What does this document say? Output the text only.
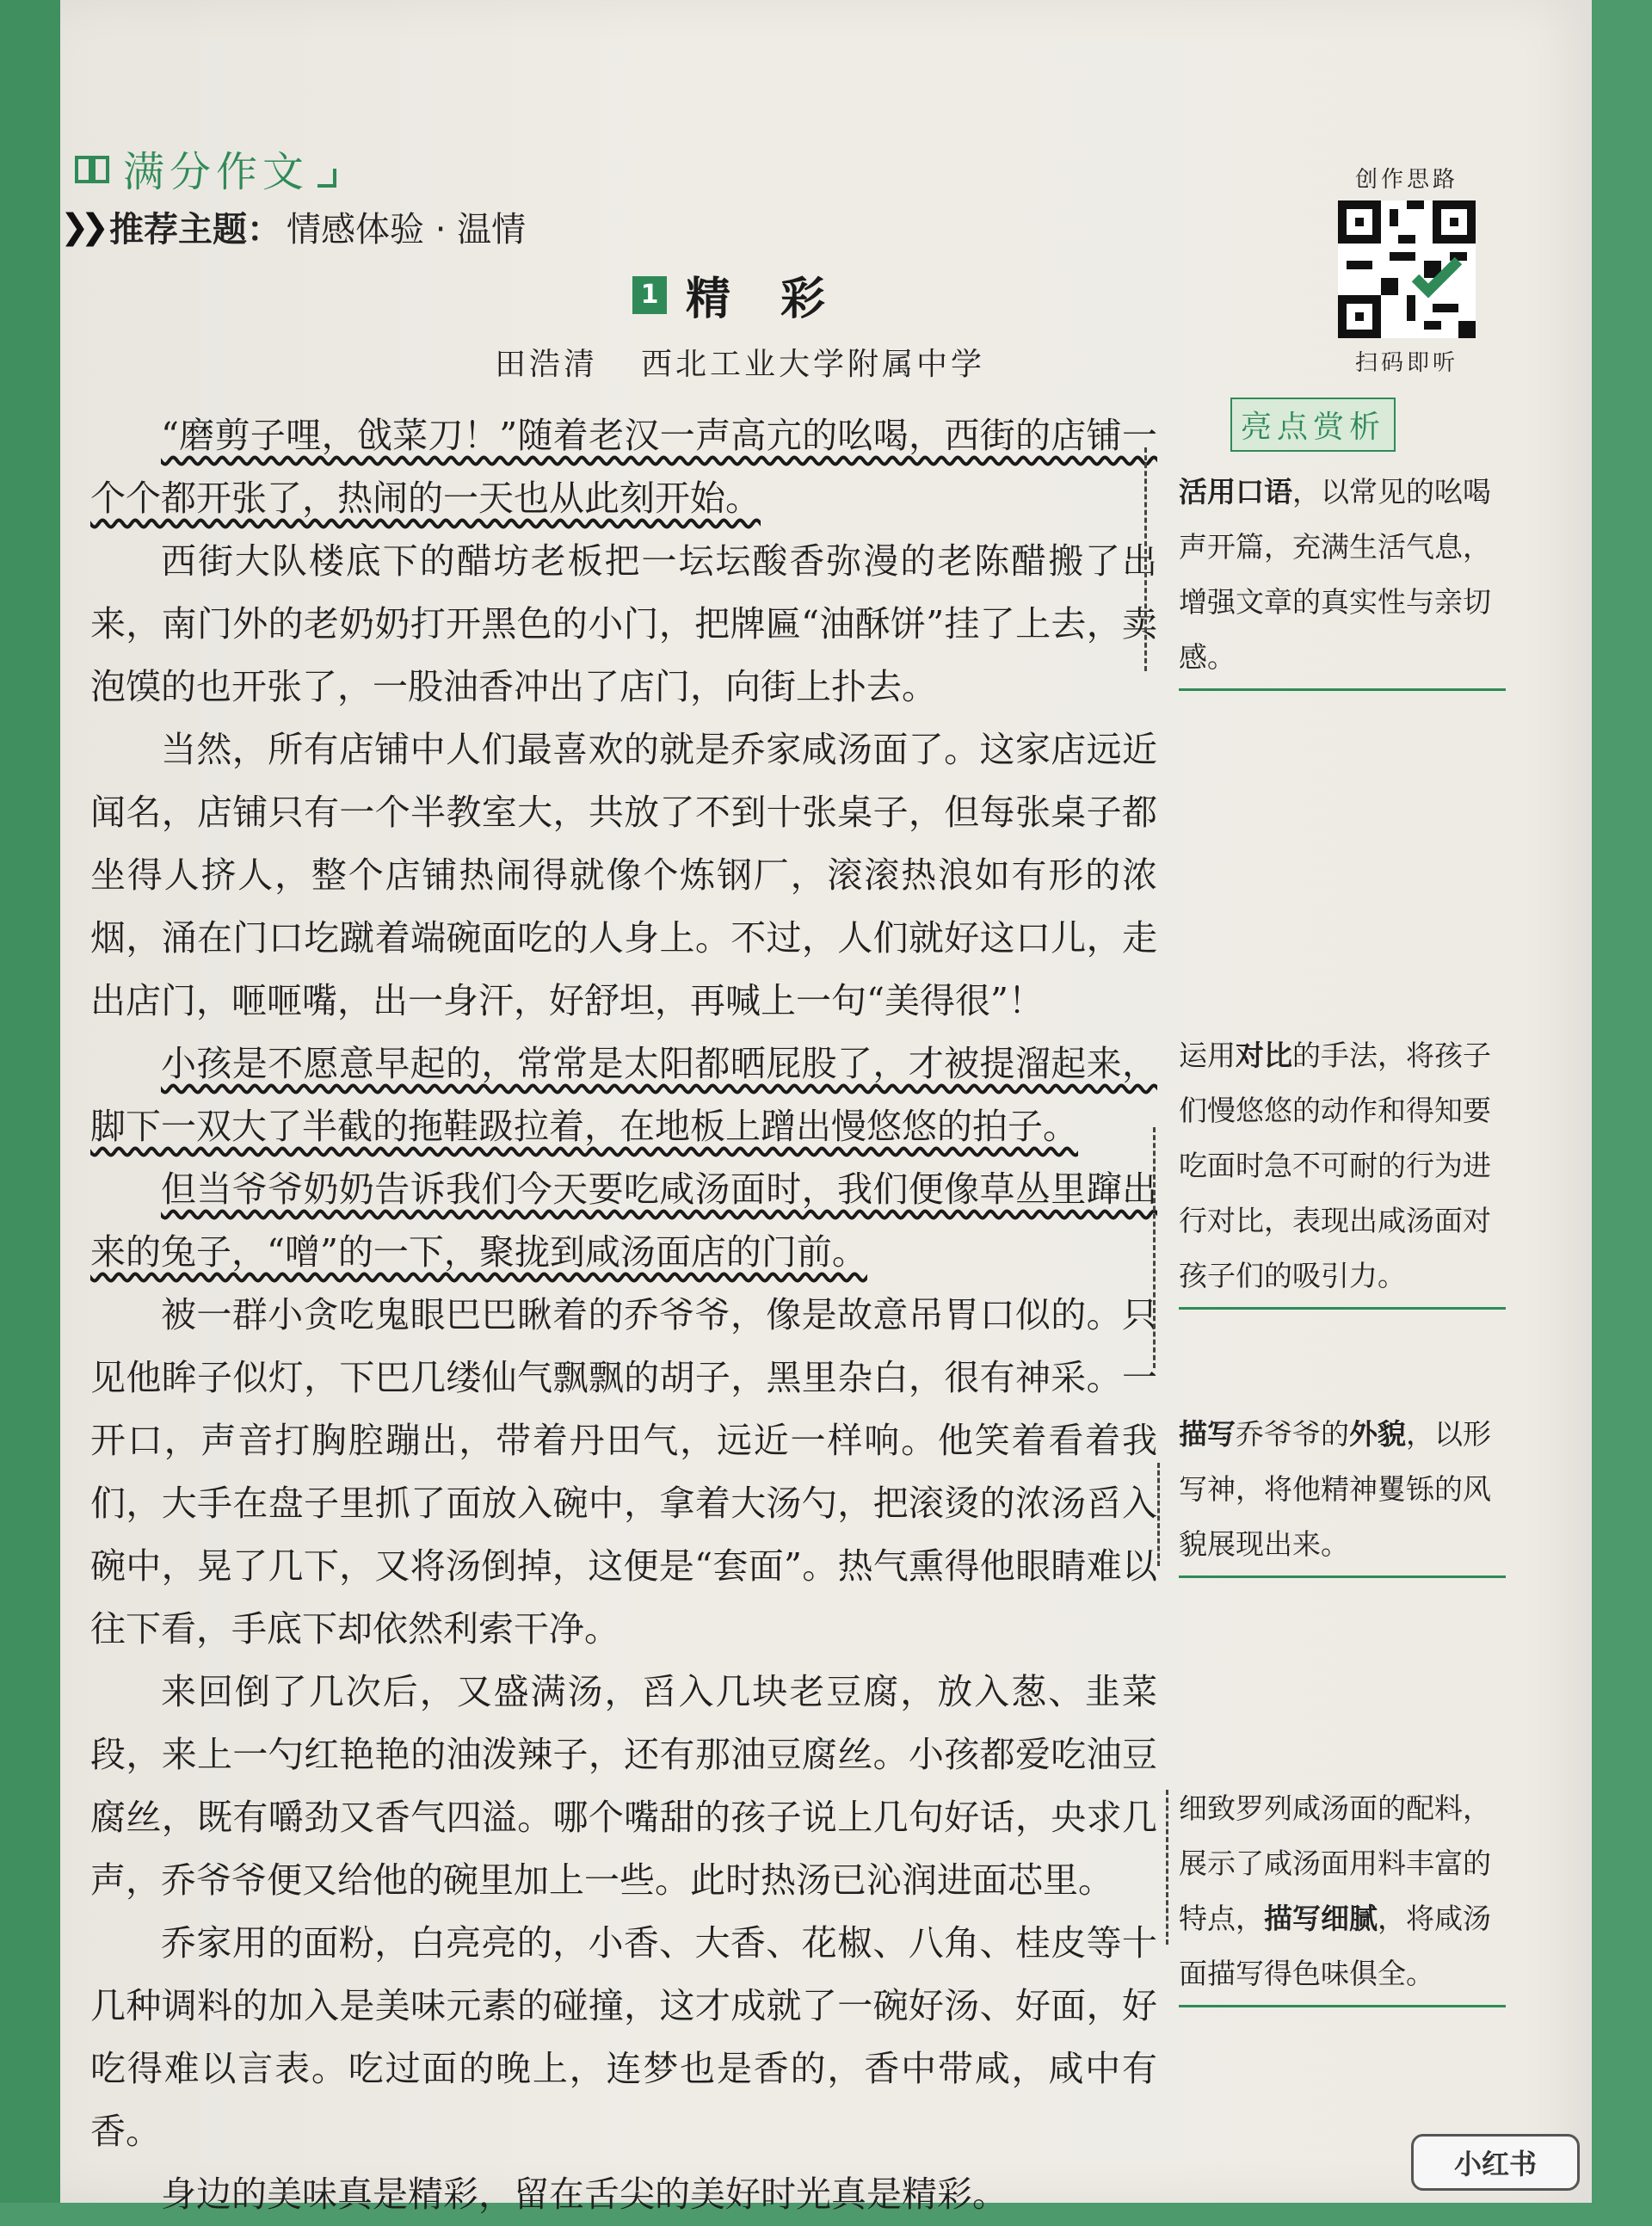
满分作文
❯❯ 推荐主题： 情感体验 · 温情
1 精彩
田浩清 西北工业大学附属中学
创作思路
扫码即听
亮点赏析

“磨剪子哩，戗菜刀！”随着老汉一声高亢的吆喝，西街的店铺一个个都开张了，热闹的一天也从此刻开始。

西街大队楼底下的醋坊老板把一坛坛酸香弥漫的老陈醋搬了出来，南门外的老奶奶打开黑色的小门，把牌匾“油酥饼”挂了上去，卖泡馍的也开张了，一股油香冲出了店门，向街上扑去。

当然，所有店铺中人们最喜欢的就是乔家咸汤面了。这家店远近闻名，店铺只有一个半教室大，共放了不到十张桌子，但每张桌子都坐得人挤人，整个店铺热闹得就像个炼钢厂，滚滚热浪如有形的浓烟，涌在门口圪蹴着端碗面吃的人身上。不过，人们就好这口儿，走出店门，咂咂嘴，出一身汗，好舒坦，再喊上一句“美得很”！

小孩是不愿意早起的，常常是太阳都晒屁股了，才被提溜起来，脚下一双大了半截的拖鞋趿拉着，在地板上蹭出慢悠悠的拍子。

但当爷爷奶奶告诉我们今天要吃咸汤面时，我们便像草丛里蹿出来的兔子，“噌”的一下，聚拢到咸汤面店的门前。

被一群小贪吃鬼眼巴巴瞅着的乔爷爷，像是故意吊胃口似的。只见他眸子似灯，下巴几缕仙气飘飘的胡子，黑里杂白，很有神采。一开口，声音打胸腔蹦出，带着丹田气，远近一样响。他笑着看着我们，大手在盘子里抓了面放入碗中，拿着大汤勺，把滚烫的浓汤舀入碗中，晃了几下，又将汤倒掉，这便是“套面”。热气熏得他眼睛难以往下看，手底下却依然利索干净。

来回倒了几次后，又盛满汤，舀入几块老豆腐，放入葱、韭菜段，来上一勺红艳艳的油泼辣子，还有那油豆腐丝。小孩都爱吃油豆腐丝，既有嚼劲又香气四溢。哪个嘴甜的孩子说上几句好话，央求几声，乔爷爷便又给他的碗里加上一些。此时热汤已沁润进面芯里。

乔家用的面粉，白亮亮的，小香、大香、花椒、八角、桂皮等十几种调料的加入是美味元素的碰撞，这才成就了一碗好汤、好面，好吃得难以言表。吃过面的晚上，连梦也是香的，香中带咸，咸中有香。

身边的美味真是精彩，留在舌尖的美好时光真是精彩。

活用口语，以常见的吆喝声开篇，充满生活气息，增强文章的真实性与亲切感。
运用对比的手法，将孩子们慢悠悠的动作和得知要吃面时急不可耐的行为进行对比，表现出咸汤面对孩子们的吸引力。
描写乔爷爷的外貌，以形写神，将他精神矍铄的风貌展现出来。
细致罗列咸汤面的配料，展示了咸汤面用料丰富的特点，描写细腻，将咸汤面描写得色味俱全。
小红书
